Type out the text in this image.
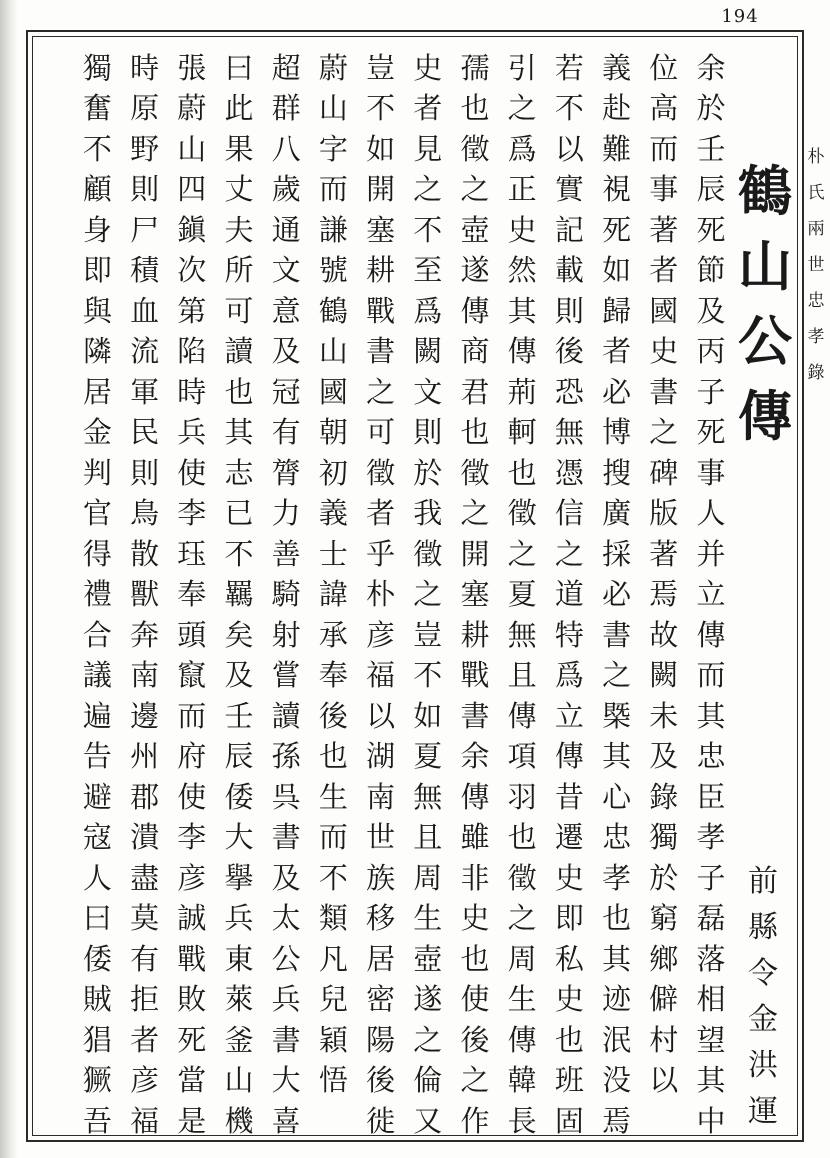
194
朴
氏
兩
世
忠
孝
錄
鶴
山
公
傳
前
縣
令
金
洪
運
余
於
壬
辰
死
節
及
丙
子
死
事
人
并
立
傳
而
其
忠
臣
孝
子
磊
落
相
望
其
中
位
高
而
事
著
者
國
史
書
之
碑
版
著
焉
故
闕
未
及
錄
獨
於
窮
鄉
僻
村
以
義
赴
難
視
死
如
歸
者
必
博
搜
廣
採
必
書
之
槩
其
心
忠
孝
也
其
迹
泯
没
焉
若
不
以
實
記
載
則
後
恐
無
憑
信
之
道
特
爲
立
傳
昔
遷
史
即
私
史
也
班
固
引
之
爲
正
史
然
其
傳
荊
軻
也
徵
之
夏
無
且
傳
項
羽
也
徵
之
周
生
傳
韓
長
孺
也
徵
之
壺
遂
傳
商
君
也
徵
之
開
塞
耕
戰
書
余
傳
雖
非
史
也
使
後
之
作
史
者
見
之
不
至
爲
闕
文
則
於
我
徵
之
豈
不
如
夏
無
且
周
生
壺
遂
之
倫
又
豈
不
如
開
塞
耕
戰
書
之
可
徵
者
乎
朴
彦
福
以
湖
南
世
族
移
居
密
陽
後
徙
蔚
山
字
而
謙
號
鶴
山
國
朝
初
義
士
諱
承
奉
後
也
生
而
不
類
凡
兒
穎
悟
超
群
八
歲
通
文
意
及
冠
有
膂
力
善
騎
射
嘗
讀
孫
呉
書
及
太
公
兵
書
大
喜
曰
此
果
丈
夫
所
可
讀
也
其
志
已
不
羈
矣
及
壬
辰
倭
大
擧
兵
東
萊
釜
山
機
張
蔚
山
四
鎭
次
第
陷
時
兵
使
李
珏
奉
頭
竄
而
府
使
李
彦
誠
戰
敗
死
當
是
時
原
野
則
尸
積
血
流
軍
民
則
鳥
散
獸
奔
南
邊
州
郡
潰
盡
莫
有
拒
者
彦
福
獨
奮
不
顧
身
即
與
隣
居
金
判
官
得
禮
合
議
遍
告
避
寇
人
曰
倭
賊
猖
獗
吾
